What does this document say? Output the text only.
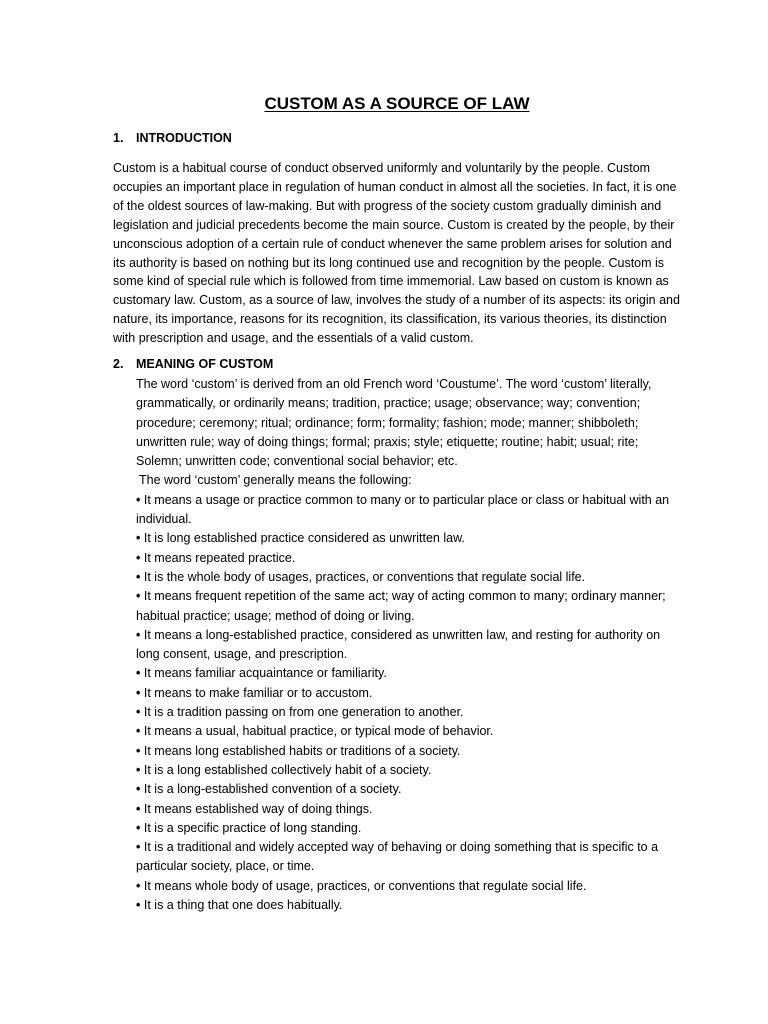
CUSTOM AS A SOURCE OF LAW
1. INTRODUCTION

Custom is a habitual course of conduct observed uniformly and voluntarily by the people. Custom occupies an important place in regulation of human conduct in almost all the societies. In fact, it is one of the oldest sources of law-making. But with progress of the society custom gradually diminish and legislation and judicial precedents become the main source. Custom is created by the people, by their unconscious adoption of a certain rule of conduct whenever the same problem arises for solution and its authority is based on nothing but its long continued use and recognition by the people. Custom is some kind of special rule which is followed from time immemorial. Law based on custom is known as customary law. Custom, as a source of law, involves the study of a number of its aspects: its origin and nature, its importance, reasons for its recognition, its classification, its various theories, its distinction with prescription and usage, and the essentials of a valid custom.

2. MEANING OF CUSTOM

The word ‘custom’ is derived from an old French word ‘Coustume’. The word ‘custom’ literally, grammatically, or ordinarily means; tradition, practice; usage; observance; way; convention; procedure; ceremony; ritual; ordinance; form; formality; fashion; mode; manner; shibboleth; unwritten rule; way of doing things; formal; praxis; style; etiquette; routine; habit; usual; rite; Solemn; unwritten code; conventional social behavior; etc.

The word ‘custom’ generally means the following:
• It means a usage or practice common to many or to particular place or class or habitual with an individual.
• It is long established practice considered as unwritten law.
• It means repeated practice.
• It is the whole body of usages, practices, or conventions that regulate social life.
• It means frequent repetition of the same act; way of acting common to many; ordinary manner; habitual practice; usage; method of doing or living.
• It means a long-established practice, considered as unwritten law, and resting for authority on long consent, usage, and prescription.
• It means familiar acquaintance or familiarity.
• It means to make familiar or to accustom.
• It is a tradition passing on from one generation to another.
• It means a usual, habitual practice, or typical mode of behavior.
• It means long established habits or traditions of a society.
• It is a long established collectively habit of a society.
• It is a long-established convention of a society.
• It means established way of doing things.
• It is a specific practice of long standing.
• It is a traditional and widely accepted way of behaving or doing something that is specific to a particular society, place, or time.
• It means whole body of usage, practices, or conventions that regulate social life.
• It is a thing that one does habitually.
